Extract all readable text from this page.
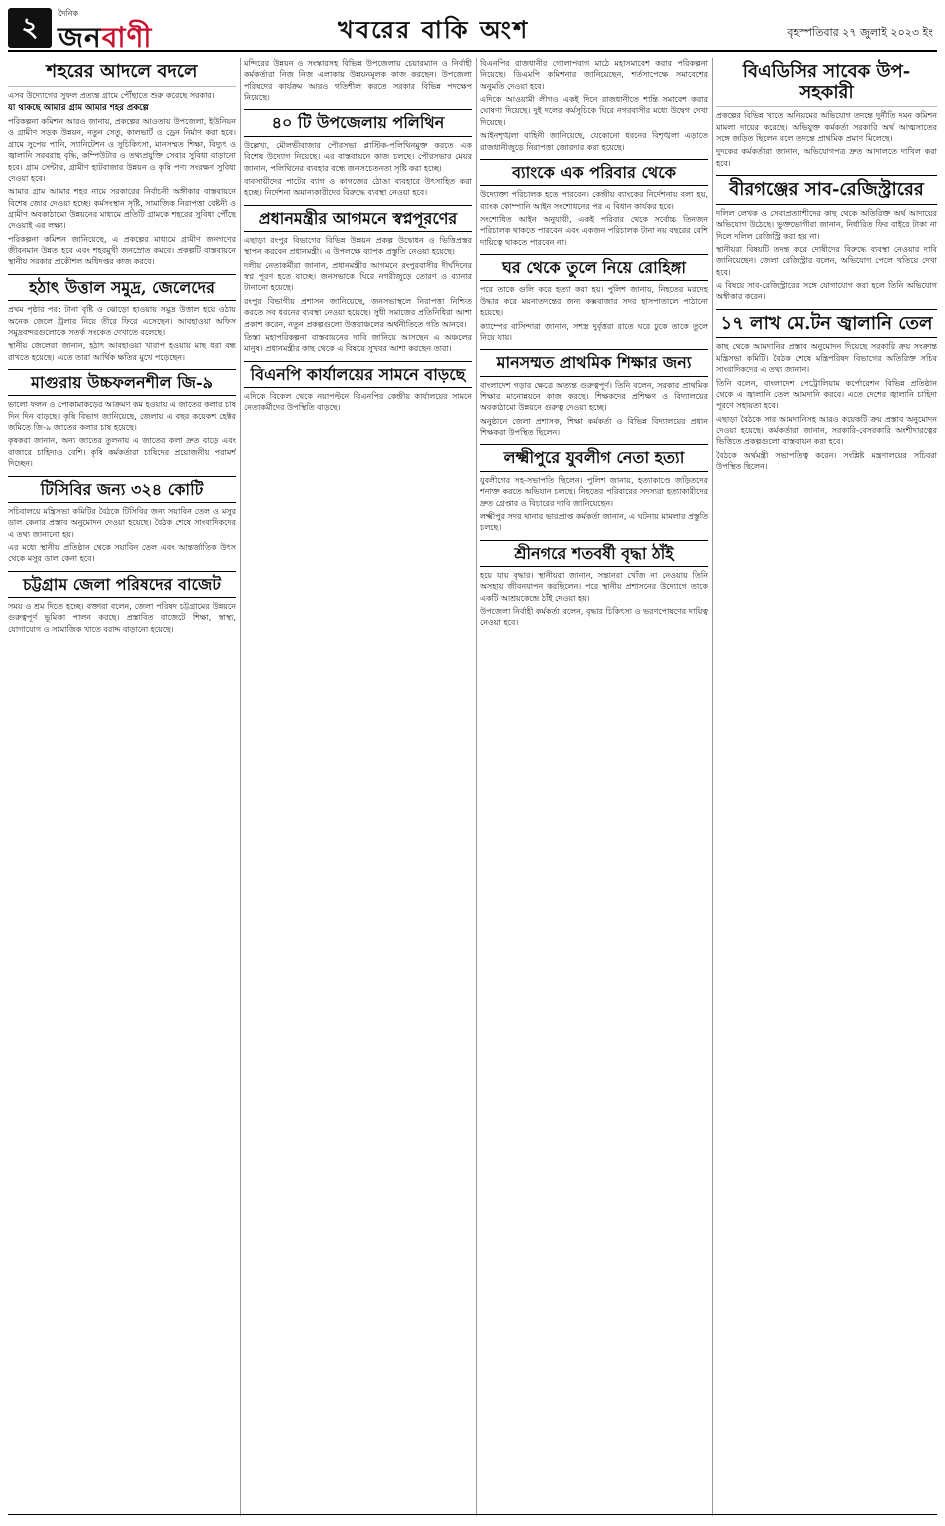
২	দৈনিক
জনবাণী	খবরের বাকি অংশ	বৃহস্পতিবার ২৭ জুলাই ২০২৩ ইং
শহরের আদলে বদলে

এসব উদ্যোগের সুফল প্রত্যন্ত গ্রামে পৌঁছাতে শুরু করেছে সরকার।

যা থাকছে আমার গ্রাম আমার শহর প্রকল্পে

পরিকল্পনা কমিশন আরও জানায়, প্রকল্পের আওতায় উপজেলা, ইউনিয়ন ও গ্রামীণ সড়ক উন্নয়ন, নতুন সেতু, কালভার্ট ও ড্রেন নির্মাণ করা হবে। গ্রামে সুপেয় পানি, স্যানিটেশন ও সুচিকিৎসা, মানসম্মত শিক্ষা, বিদ্যুৎ ও জ্বালানি সরবরাহ বৃদ্ধি, কম্পিউটার ও তথ্যপ্রযুক্তি সেবার সুবিধা বাড়ানো হবে। গ্রাম সেন্টার, গ্রামীণ হাটবাজার উন্নয়ন ও কৃষি পণ্য সংরক্ষণ সুবিধা দেওয়া হবে।

আমার গ্রাম আমার শহর নামে সরকারের নির্বাচনী অঙ্গীকার বাস্তবায়নে বিশেষ জোর দেওয়া হচ্ছে। কর্মসংস্থান সৃষ্টি, সামাজিক নিরাপত্তা বেষ্টনী ও গ্রামীণ অবকাঠামো উন্নয়নের মাধ্যমে প্রতিটি গ্রামকে শহরের সুবিধা পৌঁছে দেওয়াই এর লক্ষ্য।

পরিকল্পনা কমিশন জানিয়েছে, এ প্রকল্পের মাধ্যমে গ্রামীণ জনগণের জীবনমান উন্নত হবে এবং শহরমুখী জনস্রোত কমবে। প্রকল্পটি বাস্তবায়নে স্থানীয় সরকার প্রকৌশল অধিদপ্তর কাজ করবে।

হঠাৎ উত্তাল সমুদ্র, জেলেদের

প্রথম পৃষ্ঠার পর: টানা বৃষ্টি ও ঝোড়ো হাওয়ায় সমুদ্র উত্তাল হয়ে ওঠায় অনেক জেলে ট্রলার নিয়ে তীরে ফিরে এসেছেন। আবহাওয়া অফিস সমুদ্রবন্দরগুলোকে সতর্ক সংকেত দেখাতে বলেছে।

স্থানীয় জেলেরা জানান, হঠাৎ আবহাওয়া খারাপ হওয়ায় মাছ ধরা বন্ধ রাখতে হয়েছে। এতে তারা আর্থিক ক্ষতির মুখে পড়েছেন।

মাগুরায় উচ্চফলনশীল জি-৯

ভালো ফলন ও পোকামাকড়ের আক্রমণ কম হওয়ায় এ জাতের কলার চাষ দিন দিন বাড়ছে। কৃষি বিভাগ জানিয়েছে, জেলায় এ বছর কয়েকশ হেক্টর জমিতে জি-৯ জাতের কলার চাষ হয়েছে।

কৃষকরা জানান, অন্য জাতের তুলনায় এ জাতের কলা দ্রুত বাড়ে এবং বাজারে চাহিদাও বেশি। কৃষি কর্মকর্তারা চাষিদের প্রয়োজনীয় পরামর্শ দিচ্ছেন।

টিসিবির জন্য ৩২৪ কোটি

সচিবালয়ে মন্ত্রিসভা কমিটির বৈঠকে টিসিবির জন্য সয়াবিন তেল ও মসুর ডাল কেনার প্রস্তাব অনুমোদন দেওয়া হয়েছে। বৈঠক শেষে সাংবাদিকদের এ তথ্য জানানো হয়।

এর মধ্যে স্থানীয় প্রতিষ্ঠান থেকে সয়াবিন তেল এবং আন্তর্জাতিক উৎস থেকে মসুর ডাল কেনা হবে।

চট্টগ্রাম জেলা পরিষদের বাজেট

সময় ও শ্রম দিতে হচ্ছে। বক্তারা বলেন, জেলা পরিষদ চট্টগ্রামের উন্নয়নে গুরুত্বপূর্ণ ভূমিকা পালন করছে। প্রস্তাবিত বাজেটে শিক্ষা, স্বাস্থ্য, যোগাযোগ ও সামাজিক খাতে বরাদ্দ বাড়ানো হয়েছে।

মন্দিরের উন্নয়ন ও সংস্কারসহ বিভিন্ন উপজেলায় চেয়ারম্যান ও নির্বাহী কর্মকর্তারা নিজ নিজ এলাকায় উন্নয়নমূলক কাজ করছেন। উপজেলা পরিষদের কার্যক্রম আরও গতিশীল করতে সরকার বিভিন্ন পদক্ষেপ নিয়েছে।

৪০ টি উপজেলায় পলিথিন

উল্লেখ্য, মৌলভীবাজার পৌরসভা প্লাস্টিক-পলিথিনমুক্ত করতে এক বিশেষ উদ্যোগ নিয়েছে। এর বাস্তবায়নে কাজ চলছে। পৌরসভার মেয়র জানান, পলিথিনের ব্যবহার বন্ধে জনসচেতনতা সৃষ্টি করা হচ্ছে।

ব্যবসায়ীদের পাটের ব্যাগ ও কাগজের ঠোঙা ব্যবহারে উৎসাহিত করা হচ্ছে। নির্দেশনা অমান্যকারীদের বিরুদ্ধে ব্যবস্থা নেওয়া হবে।

প্রধানমন্ত্রীর আগমনে স্বপ্নপূরণের

এছাড়া রংপুর বিভাগের বিভিন্ন উন্নয়ন প্রকল্প উদ্বোধন ও ভিত্তিপ্রস্তর স্থাপন করবেন প্রধানমন্ত্রী। এ উপলক্ষে ব্যাপক প্রস্তুতি নেওয়া হয়েছে।

দলীয় নেতাকর্মীরা জানান, প্রধানমন্ত্রীর আগমনে রংপুরবাসীর দীর্ঘদিনের স্বপ্ন পূরণ হতে যাচ্ছে। জনসভাকে ঘিরে নগরীজুড়ে তোরণ ও ব্যানার টানানো হয়েছে।

রংপুর বিভাগীয় প্রশাসন জানিয়েছে, জনসভাস্থলে নিরাপত্তা নিশ্চিত করতে সব ধরনের ব্যবস্থা নেওয়া হয়েছে। সুধী সমাজের প্রতিনিধিরা আশা প্রকাশ করেন, নতুন প্রকল্পগুলো উত্তরাঞ্চলের অর্থনীতিতে গতি আনবে।

তিস্তা মহাপরিকল্পনা বাস্তবায়নের দাবি জানিয়ে আসছেন এ অঞ্চলের মানুষ। প্রধানমন্ত্রীর কাছ থেকে এ বিষয়ে সুখবর আশা করছেন তারা।

বিএনপি কার্যালয়ের সামনে বাড়ছে

এদিকে বিকেল থেকে নয়াপল্টনে বিএনপির কেন্দ্রীয় কার্যালয়ের সামনে নেতাকর্মীদের উপস্থিতি বাড়ছে।

বিএনপির রাজধানীর গোলাপবাগ মাঠে মহাসমাবেশ করার পরিকল্পনা নিয়েছে। ডিএমপি কমিশনার জানিয়েছেন, শর্তসাপেক্ষে সমাবেশের অনুমতি দেওয়া হবে।

এদিকে আওয়ামী লীগও একই দিনে রাজধানীতে শান্তি সমাবেশ করার ঘোষণা দিয়েছে। দুই দলের কর্মসূচিকে ঘিরে নগরবাসীর মধ্যে উদ্বেগ দেখা দিয়েছে।

আইনশৃঙ্খলা বাহিনী জানিয়েছে, যেকোনো ধরনের বিশৃঙ্খলা এড়াতে রাজধানীজুড়ে নিরাপত্তা জোরদার করা হয়েছে।

ব্যাংকে এক পরিবার থেকে

উদ্যোক্তা পরিচালক হতে পারবেন। কেন্দ্রীয় ব্যাংকের নির্দেশনায় বলা হয়, ব্যাংক কোম্পানি আইন সংশোধনের পর এ বিধান কার্যকর হবে।

সংশোধিত আইন অনুযায়ী, একই পরিবার থেকে সর্বোচ্চ তিনজন পরিচালক থাকতে পারবেন এবং একজন পরিচালক টানা নয় বছরের বেশি দায়িত্বে থাকতে পারবেন না।

ঘর থেকে তুলে নিয়ে রোহিঙ্গা

পরে তাকে গুলি করে হত্যা করা হয়। পুলিশ জানায়, নিহতের মরদেহ উদ্ধার করে ময়নাতদন্তের জন্য কক্সবাজার সদর হাসপাতালে পাঠানো হয়েছে।

ক্যাম্পের বাসিন্দারা জানান, সশস্ত্র দুর্বৃত্তরা রাতে ঘরে ঢুকে তাকে তুলে নিয়ে যায়।

মানসম্মত প্রাথমিক শিক্ষার জন্য

বাংলাদেশ গড়ার ক্ষেত্রে অত্যন্ত গুরুত্বপূর্ণ। তিনি বলেন, সরকার প্রাথমিক শিক্ষার মানোন্নয়নে কাজ করছে। শিক্ষকদের প্রশিক্ষণ ও বিদ্যালয়ের অবকাঠামো উন্নয়নে গুরুত্ব দেওয়া হচ্ছে।

অনুষ্ঠানে জেলা প্রশাসক, শিক্ষা কর্মকর্তা ও বিভিন্ন বিদ্যালয়ের প্রধান শিক্ষকরা উপস্থিত ছিলেন।

লক্ষ্মীপুরে যুবলীগ নেতা হত্যা

যুবলীগের সহ-সভাপতি ছিলেন। পুলিশ জানায়, হত্যাকাণ্ডে জড়িতদের শনাক্ত করতে অভিযান চলছে। নিহতের পরিবারের সদস্যরা হত্যাকারীদের দ্রুত গ্রেপ্তার ও বিচারের দাবি জানিয়েছেন।

লক্ষ্মীপুর সদর থানার ভারপ্রাপ্ত কর্মকর্তা জানান, এ ঘটনায় মামলার প্রস্তুতি চলছে।

শ্রীনগরে শতবর্ষী বৃদ্ধা ঠাঁই

হয়ে যায় বৃদ্ধার। স্থানীয়রা জানান, সন্তানরা খোঁজ না নেওয়ায় তিনি অসহায় জীবনযাপন করছিলেন। পরে স্থানীয় প্রশাসনের উদ্যোগে তাকে একটি আশ্রয়কেন্দ্রে ঠাঁই দেওয়া হয়।

উপজেলা নির্বাহী কর্মকর্তা বলেন, বৃদ্ধার চিকিৎসা ও ভরণপোষণের দায়িত্ব নেওয়া হবে।

বিএডিসির সাবেক উপ-সহকারী

প্রকল্পের বিভিন্ন খাতে অনিয়মের অভিযোগ তদন্তে দুর্নীতি দমন কমিশন মামলা দায়ের করেছে। অভিযুক্ত কর্মকর্তা সরকারি অর্থ আত্মসাতের সঙ্গে জড়িত ছিলেন বলে তদন্তে প্রাথমিক প্রমাণ মিলেছে।

দুদকের কর্মকর্তারা জানান, অভিযোগপত্র দ্রুত আদালতে দাখিল করা হবে।

বীরগঞ্জের সাব-রেজিস্ট্রারের

দলিল লেখক ও সেবাপ্রত্যাশীদের কাছ থেকে অতিরিক্ত অর্থ আদায়ের অভিযোগ উঠেছে। ভুক্তভোগীরা জানান, নির্ধারিত ফির বাইরে টাকা না দিলে দলিল রেজিস্ট্রি করা হয় না।

স্থানীয়রা বিষয়টি তদন্ত করে দোষীদের বিরুদ্ধে ব্যবস্থা নেওয়ার দাবি জানিয়েছেন। জেলা রেজিস্ট্রার বলেন, অভিযোগ পেলে খতিয়ে দেখা হবে।

এ বিষয়ে সাব-রেজিস্ট্রারের সঙ্গে যোগাযোগ করা হলে তিনি অভিযোগ অস্বীকার করেন।

১৭ লাখ মে.টন জ্বালানি তেল

কাছ থেকে আমদানির প্রস্তাব অনুমোদন দিয়েছে সরকারি ক্রয় সংক্রান্ত মন্ত্রিসভা কমিটি। বৈঠক শেষে মন্ত্রিপরিষদ বিভাগের অতিরিক্ত সচিব সাংবাদিকদের এ তথ্য জানান।

তিনি বলেন, বাংলাদেশ পেট্রোলিয়াম কর্পোরেশন বিভিন্ন প্রতিষ্ঠান থেকে এ জ্বালানি তেল আমদানি করবে। এতে দেশের জ্বালানি চাহিদা পূরণে সহায়তা হবে।

এছাড়া বৈঠকে সার আমদানিসহ আরও কয়েকটি ক্রয় প্রস্তাব অনুমোদন দেওয়া হয়েছে। কর্মকর্তারা জানান, সরকারি-বেসরকারি অংশীদারত্বের ভিত্তিতে প্রকল্পগুলো বাস্তবায়ন করা হবে।

বৈঠকে অর্থমন্ত্রী সভাপতিত্ব করেন। সংশ্লিষ্ট মন্ত্রণালয়ের সচিবরা উপস্থিত ছিলেন।
